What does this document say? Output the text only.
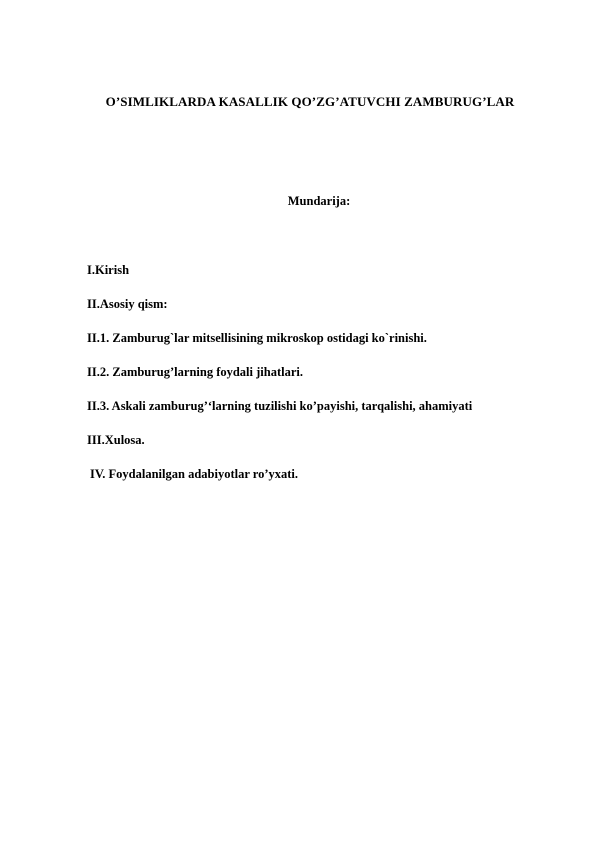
O’SIMLIKLARDA KASALLIK QO’ZG’ATUVCHI ZAMBURUG’LAR
Mundarija:
I.Kirish
II.Asosiy qism:
II.1. Zamburug`lar mitsellisining mikroskop ostidagi ko`rinishi.
II.2. Zamburug’larning foydali jihatlari.
II.3. Askali zamburug’‘larning tuzilishi ko’payishi, tarqalishi, ahamiyati
III.Xulosa.
IV. Foydalanilgan adabiyotlar ro’yxati.
